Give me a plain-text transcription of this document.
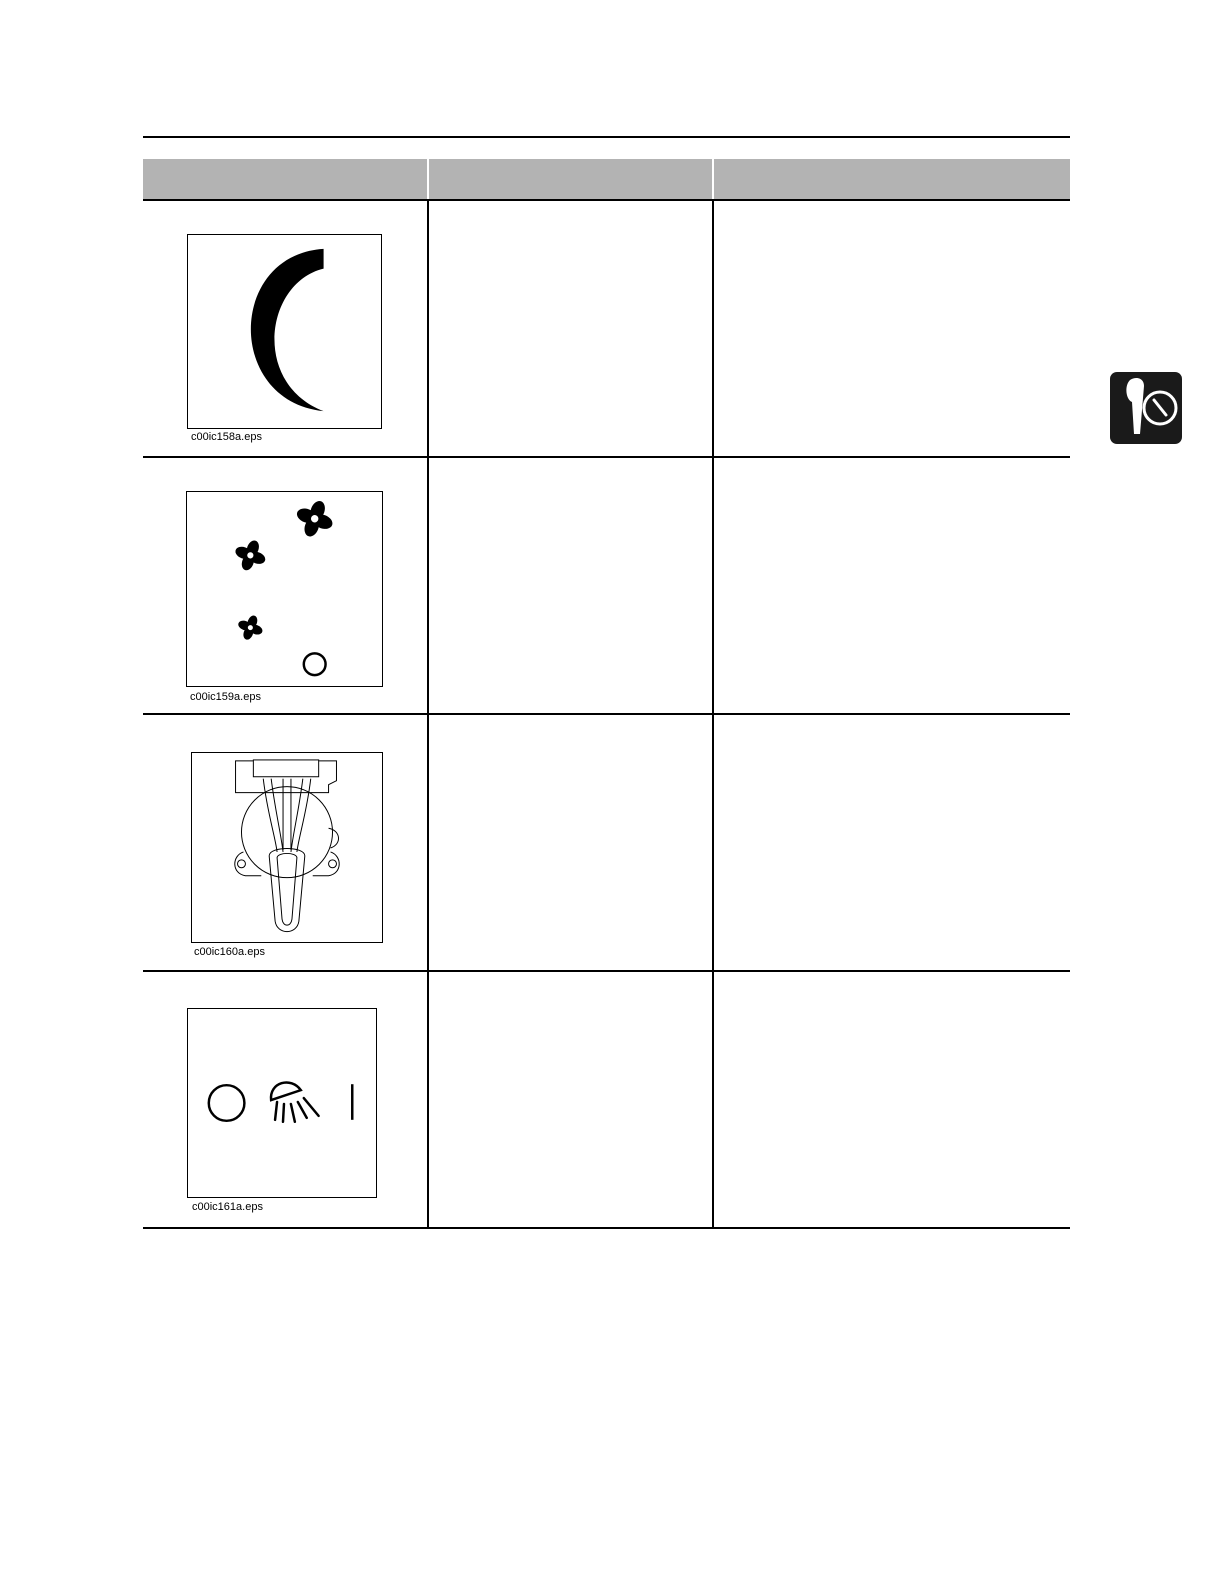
c00ic158a.eps
c00ic159a.eps
c00ic160a.eps
c00ic161a.eps
